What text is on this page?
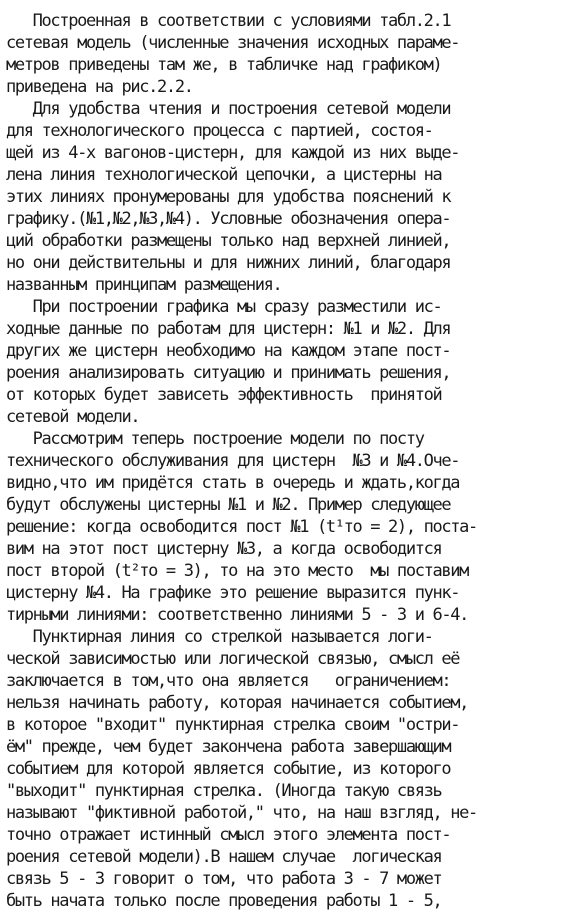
Построенная в соответствии с условиями табл.2.1
сетевая модель (численные значения исходных параме-
метров приведены там же, в табличке над графиком)
приведена на рис.2.2.
Для удобства чтения и построения сетевой модели
для технологического процесса с партией, состоя-
щей из 4-х вагонов-цистерн, для каждой из них выде-
лена линия технологической цепочки, а цистерны на
этих линиях пронумерованы для удобства пояснений к
графику.(№1,№2,№3,№4). Условные обозначения опера-
ций обработки размещены только над верхней линией,
но они действительны и для нижних линий, благодаря
названным принципам размещения.
При построении графика мы сразу разместили ис-
ходные данные по работам для цистерн: №1 и №2. Для
других же цистерн необходимо на каждом этапе пост-
роения анализировать ситуацию и принимать решения,
от которых будет зависеть эффективность  принятой
сетевой модели.
Рассмотрим теперь построение модели по посту
технического обслуживания для цистерн  №3 и №4.Оче-
видно,что им придётся стать в очередь и ждать,когда
будут обслужены цистерны №1 и №2. Пример следующее
решение: когда освободится пост №1 (t¹то = 2), поста-
вим на этот пост цистерну №3, а когда освободится
пост второй (t²то = 3), то на это место  мы поставим
цистерну №4. На графике это решение выразится пунк-
тирными линиями: соответственно линиями 5 - 3 и 6-4.
Пунктирная линия со стрелкой называется логи-
ческой зависимостью или логической связью, смысл её
заключается в том,что она является   ограничением:
нельзя начинать работу, которая начинается событием,
в которое "входит" пунктирная стрелка своим "остри-
ём" прежде, чем будет закончена работа завершающим
событием для которой является событие, из которого
"выходит" пунктирная стрелка. (Иногда такую связь
называют "фиктивной работой," что, на наш взгляд, не-
точно отражает истинный смысл этого элемента пост-
роения сетевой модели).В нашем случае  логическая
связь 5 - 3 говорит о том, что работа 3 - 7 может
быть начата только после проведения работы 1 - 5,
